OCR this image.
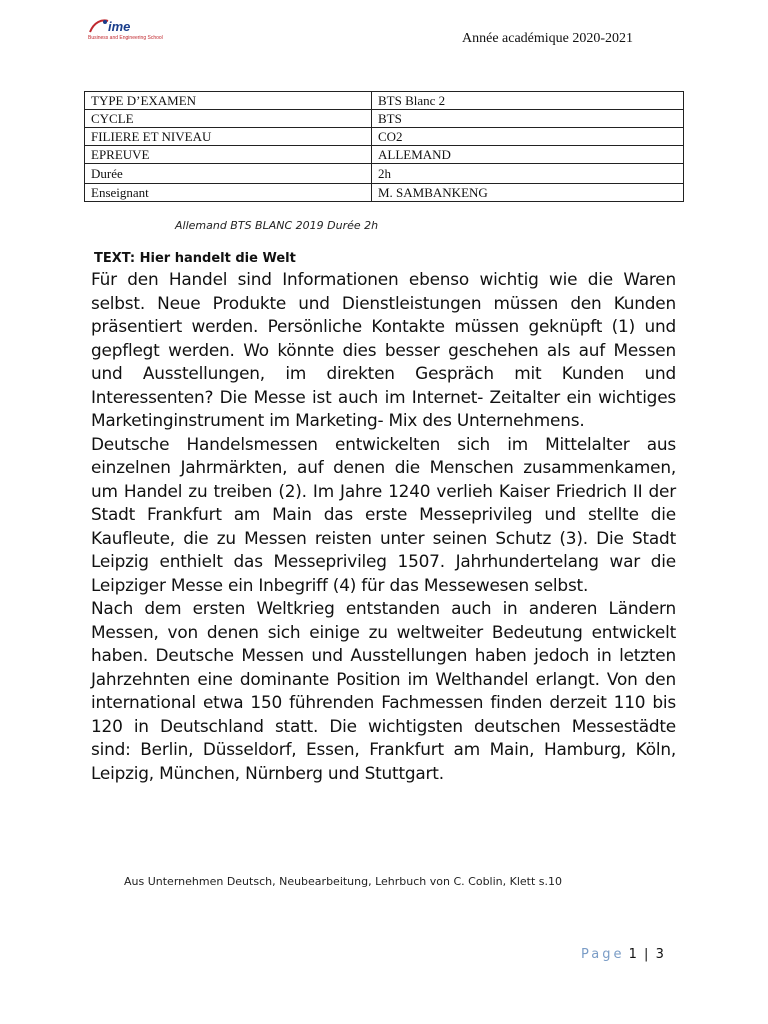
ime
Business and Engineering School	Année académique 2020-2021
TYPE D’EXAMEN	BTS Blanc 2
CYCLE	BTS
FILIERE ET NIVEAU	CO2
EPREUVE	ALLEMAND
Durée	2h
Enseignant	M. SAMBANKENG
Allemand BTS BLANC 2019 Durée 2h
TEXT: Hier handelt die Welt

Für den Handel sind Informationen ebenso wichtig wie die Waren selbst. Neue Produkte und Dienstleistungen müssen den Kunden präsentiert werden. Persönliche Kontakte müssen geknüpft (1) und gepflegt werden. Wo könnte dies besser geschehen als auf Messen und Ausstellungen, im direkten Gespräch mit Kunden und Interessenten? Die Messe ist auch im Internet- Zeitalter ein wichtiges Marketinginstrument im Marketing- Mix des Unternehmens.

Deutsche Handelsmessen entwickelten sich im Mittelalter aus einzelnen Jahrmärkten, auf denen die Menschen zusammenkamen, um Handel zu treiben (2). Im Jahre 1240 verlieh Kaiser Friedrich II der Stadt Frankfurt am Main das erste Messeprivileg und stellte die Kaufleute, die zu Messen reisten unter seinen Schutz (3). Die Stadt Leipzig enthielt das Messeprivileg 1507. Jahrhundertelang war die Leipziger Messe ein Inbegriff (4) für das Messewesen selbst.

Nach dem ersten Weltkrieg entstanden auch in anderen Ländern Messen, von denen sich einige zu weltweiter Bedeutung entwickelt haben. Deutsche Messen und Ausstellungen haben jedoch in letzten Jahrzehnten eine dominante Position im Welthandel erlangt. Von den international etwa 150 führenden Fachmessen finden derzeit 110 bis 120 in Deutschland statt. Die wichtigsten deutschen Messestädte sind: Berlin, Düsseldorf, Essen, Frankfurt am Main, Hamburg, Köln, Leipzig, München, Nürnberg und Stuttgart.

Aus Unternehmen Deutsch, Neubearbeitung, Lehrbuch von C. Coblin, Klett s.10
Page 1 | 3
